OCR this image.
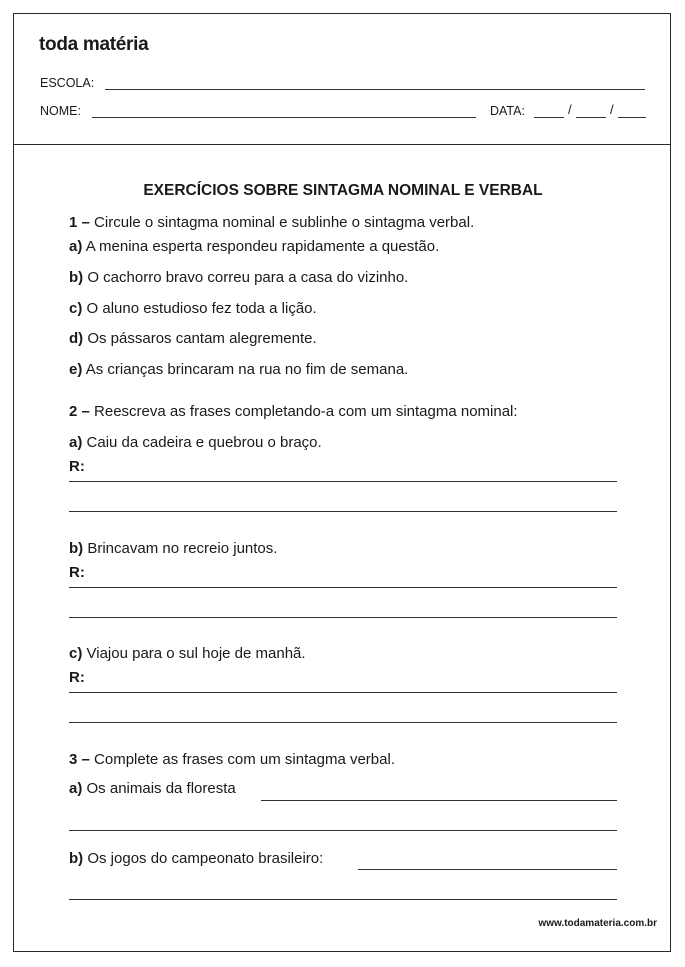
toda matéria
ESCOLA:
NOME:	DATA:	/	/
EXERCÍCIOS SOBRE SINTAGMA NOMINAL E VERBAL
1 – Circule o sintagma nominal e sublinhe o sintagma verbal.
a) A menina esperta respondeu rapidamente a questão.
b) O cachorro bravo correu para a casa do vizinho.
c) O aluno estudioso fez toda a lição.
d) Os pássaros cantam alegremente.
e) As crianças brincaram na rua no fim de semana.
2 – Reescreva as frases completando-a com um sintagma nominal:
a) Caiu da cadeira e quebrou o braço.
R:
b) Brincavam no recreio juntos.
R:
c) Viajou para o sul hoje de manhã.
R:
3 – Complete as frases com um sintagma verbal.
a) Os animais da floresta
b) Os jogos do campeonato brasileiro:
www.todamateria.com.br
